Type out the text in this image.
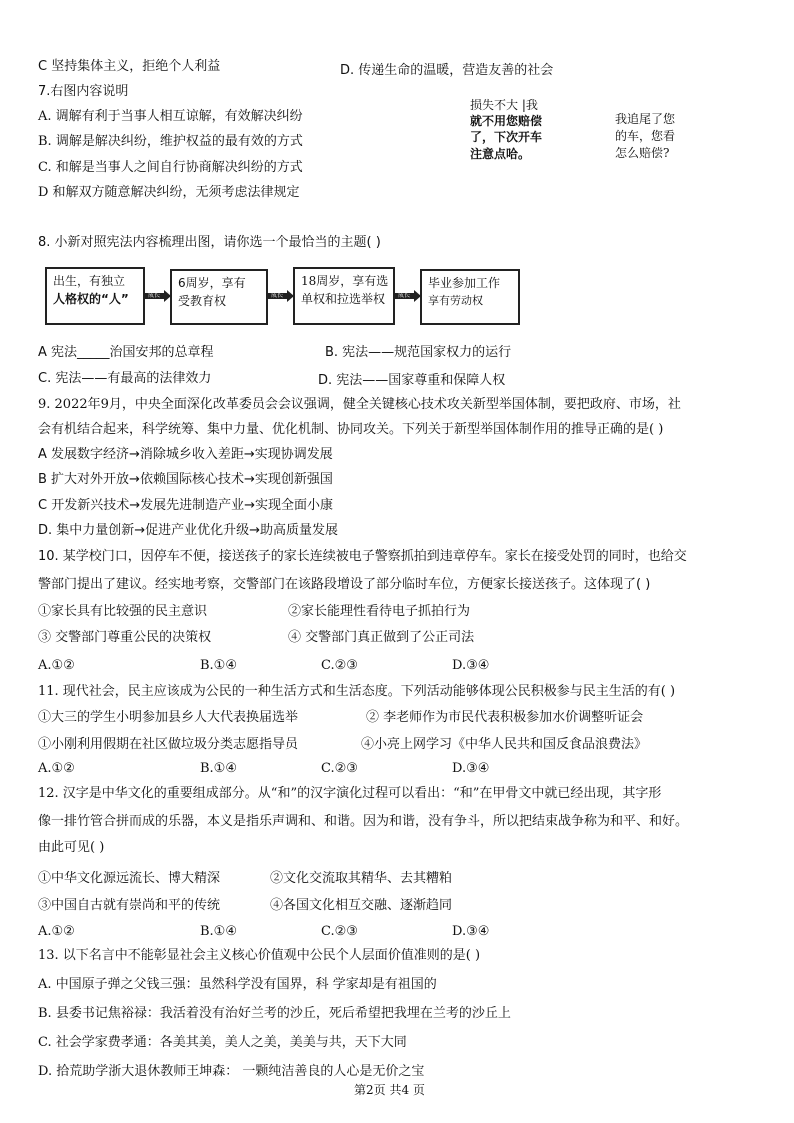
C 坚持集体主义，拒绝个人利益	D. 传递生命的温暖，营造友善的社会
7.右图内容说明
A. 调解有利于当事人相互谅解，有效解决纠纷
B. 调解是解决纠纷，维护权益的最有效的方式
C. 和解是当事人之间自行协商解决纠纷的方式
D 和解双方随意解决纠纷，无须考虑法律规定
损失不大 |我
就不用您赔偿
了，下次开车
注意点哈。
我追尾了您
的车，您看
怎么赔偿?
8. 小新对照宪法内容梳理出图，请你选一个最恰当的主题( )
出生，有独立
人格权的“人”	成长
6周岁，享有
受教育权	成长
18周岁，享有选
单权和拉选举权	成长
毕业参加工作
享有劳动权
A 宪法_____治国安邦的总章程	B. 宪法——规范国家权力的运行
C. 宪法——有最高的法律效力	D. 宪法——国家尊重和保障人权
9. 2022年9月，中央全面深化改革委员会会议强调，健全关键核心技术攻关新型举国体制，要把政府、市场，社
会有机结合起来，科学统筹、集中力量、优化机制、协同攻关。下列关于新型举国体制作用的推导正确的是( )
A 发展数字经济→消除城乡收入差距→实现协调发展
B 扩大对外开放→依赖国际核心技术→实现创新强国
C 开发新兴技术→发展先进制造产业→实现全面小康
D. 集中力量创新→促进产业优化升级→助高质量发展
10. 某学校门口，因停车不便，接送孩子的家长连续被电子警察抓拍到违章停车。家长在接受处罚的同时，也给交
警部门提出了建议。经实地考察，交警部门在该路段增设了部分临时车位，方便家长接送孩子。这体现了( )
①家长具有比较强的民主意识	②家长能理性看待电子抓拍行为
③ 交警部门尊重公民的决策权	④ 交警部门真正做到了公正司法
A.①②	B.①④	C.②③	D.③④
11. 现代社会，民主应该成为公民的一种生活方式和生活态度。下列活动能够体现公民积极参与民主生活的有( )
①大三的学生小明参加县乡人大代表换届选举	② 李老师作为市民代表积极参加水价调整听证会
①小刚利用假期在社区做垃圾分类志愿指导员	④小亮上网学习《中华人民共和国反食品浪费法》
A.①②	B.①④	C.②③	D.③④
12. 汉字是中华文化的重要组成部分。从“和”的汉字演化过程可以看出：“和”在甲骨文中就已经出现，其字形
像一排竹管合拼而成的乐器，本义是指乐声调和、和谐。因为和谐，没有争斗，所以把结束战争称为和平、和好。
由此可见( )
①中华文化源远流长、博大精深	②文化交流取其精华、去其糟粕
③中国自古就有崇尚和平的传统	④各国文化相互交融、逐渐趋同
A.①②	B.①④	C.②③	D.③④
13. 以下名言中不能彰显社会主义核心价值观中公民个人层面价值准则的是( )
A. 中国原子弹之父钱三强：虽然科学没有国界，科 学家却是有祖国的
B. 县委书记焦裕禄：我活着没有治好兰考的沙丘，死后希望把我埋在兰考的沙丘上
C. 社会学家费孝通：各美其美，美人之美，美美与共，天下大同
D. 拾荒助学浙大退休教师王坤森： 一颗纯洁善良的人心是无价之宝
第2页 共4 页
